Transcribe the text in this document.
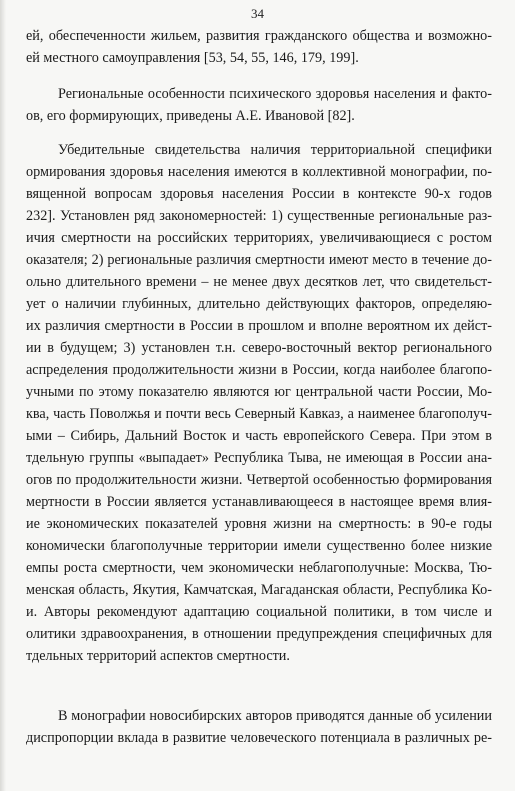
34
ей, обеспеченности жильем, развития гражданского общества и возможно-
ей местного самоуправления [53, 54, 55, 146, 179, 199].
Региональные особенности психического здоровья населения и факто-
ов, его формирующих, приведены А.Е. Ивановой [82].
Убедительные свидетельства наличия территориальной специфики
ормирования здоровья населения имеются в коллективной монографии, по-
вященной вопросам здоровья населения России в контексте 90-х годов
232]. Установлен ряд закономерностей: 1) существенные региональные раз-
ичия смертности на российских территориях, увеличивающиеся с ростом
оказателя; 2) региональные различия смертности имеют место в течение до-
ольно длительного времени – не менее двух десятков лет, что свидетельст-
ует о наличии глубинных, длительно действующих факторов, определяю-
их различия смертности в России в прошлом и вполне вероятном их дейст-
ии в будущем; 3) установлен т.н. северо-восточный вектор регионального
аспределения продолжительности жизни в России, когда наиболее благопо-
учными по этому показателю являются юг центральной части России, Мо-
ква, часть Поволжья и почти весь Северный Кавказ, а наименее благополуч-
ыми – Сибирь, Дальний Восток и часть европейского Севера. При этом в
тдельную группы «выпадает» Республика Тыва, не имеющая в России ана-
огов по продолжительности жизни. Четвертой особенностью формирования
мертности в России является устанавливающееся в настоящее время влия-
ие экономических показателей уровня жизни на смертность: в 90-е годы
кономически благополучные территории имели существенно более низкие
емпы роста смертности, чем экономически неблагополучные: Москва, Тю-
менская область, Якутия, Камчатская, Магаданская области, Республика Ко-
и. Авторы рекомендуют адаптацию социальной политики, в том числе и
олитики здравоохранения, в отношении предупреждения специфичных для
тдельных территорий аспектов смертности.
В монографии новосибирских авторов приводятся данные об усилении
диспропорции вклада в развитие человеческого потенциала в различных ре-
